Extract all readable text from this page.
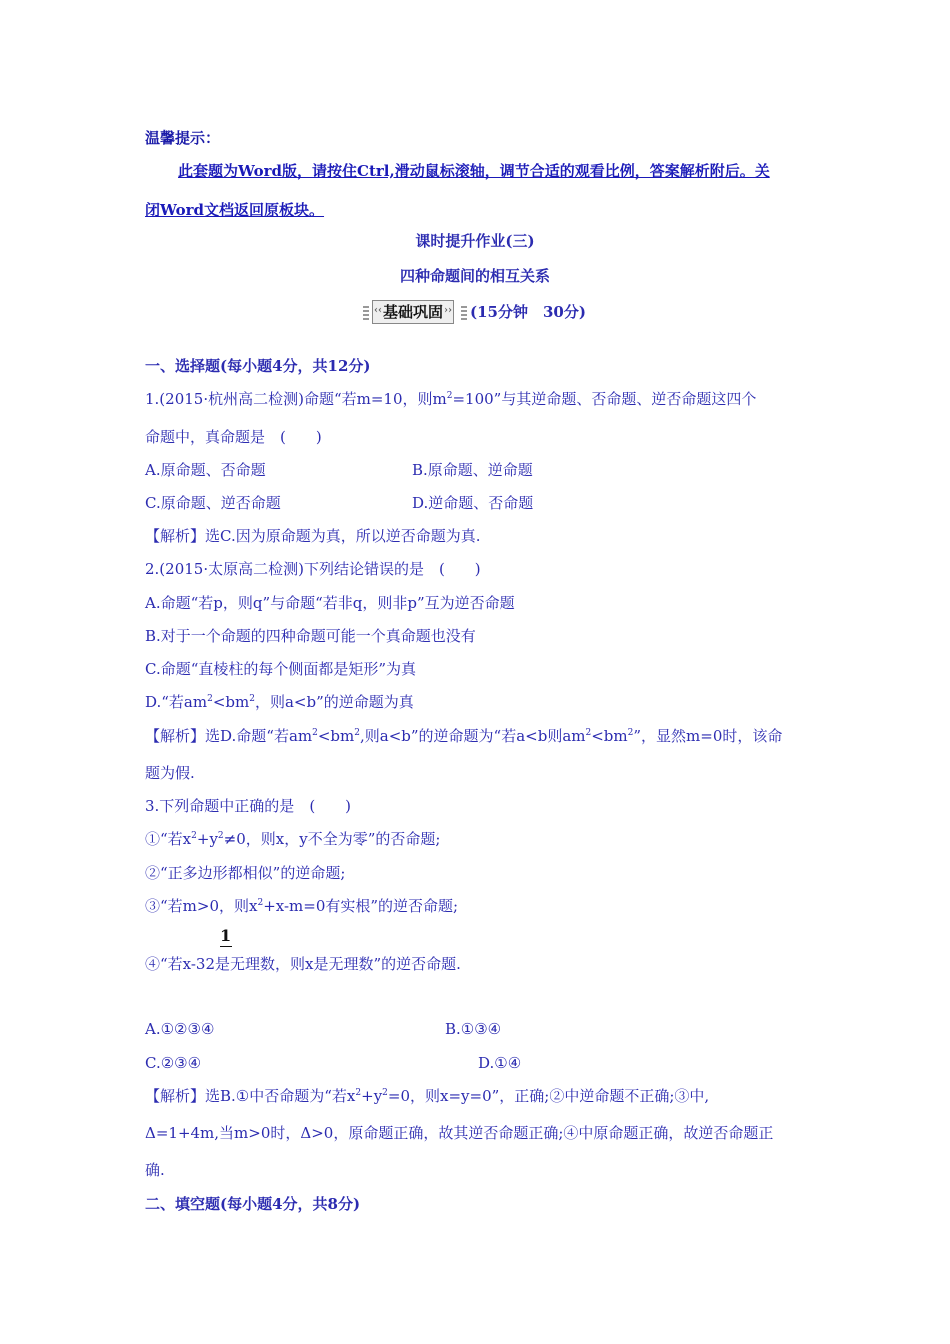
温馨提示：
此套题为Word版，请按住Ctrl,滑动鼠标滚轴，调节合适的观看比例，答案解析附后。关
闭Word文档返回原板块。
课时提升作业(三)
四种命题间的相互关系
‹‹ 基础巩固 ›› (15分钟　30分)
一、选择题(每小题4分，共12分)
1.(2015·杭州高二检测)命题“若m=10，则$m^2=100$”与其逆命题、否命题、逆否命题这四个
命题中，真命题是　(　　)
A.原命题、否命题	B.原命题、逆命题
C.原命题、逆否命题	D.逆命题、否命题
【解析】选C.因为原命题为真，所以逆否命题为真.
2.(2015·太原高二检测)下列结论错误的是　(　　)
A.命题“若p，则q”与命题“若非q，则非p”互为逆否命题
B.对于一个命题的四种命题可能一个真命题也没有
C.命题“直棱柱的每个侧面都是矩形”为真
D.“若$am^2<bm^2$，则a<b”的逆命题为真
【解析】选D.命题“若$am^2<bm^2$,则a<b”的逆命题为“若a<b则$am^2<bm^2$”，显然m=0时，该命
题为假.
3.下列命题中正确的是　(　　)
①“若$x^2+y^2\ne 0$，则x，y不全为零”的否命题;
②“正多边形都相似”的逆命题;
③“若m>0，则$x^2+x-m=0$有实根”的逆否命题;
1
④“若x-32是无理数，则x是无理数”的逆否命题.
A.①②③④	B.①③④
C.②③④	D.①④
【解析】选B.①中否命题为“若$x^2+y^2=0$，则x=y=0”，正确;②中逆命题不正确;③中,
Δ=1+4m,当m>0时，Δ>0，原命题正确，故其逆否命题正确;④中原命题正确，故逆否命题正
确.
二、填空题(每小题4分，共8分)
